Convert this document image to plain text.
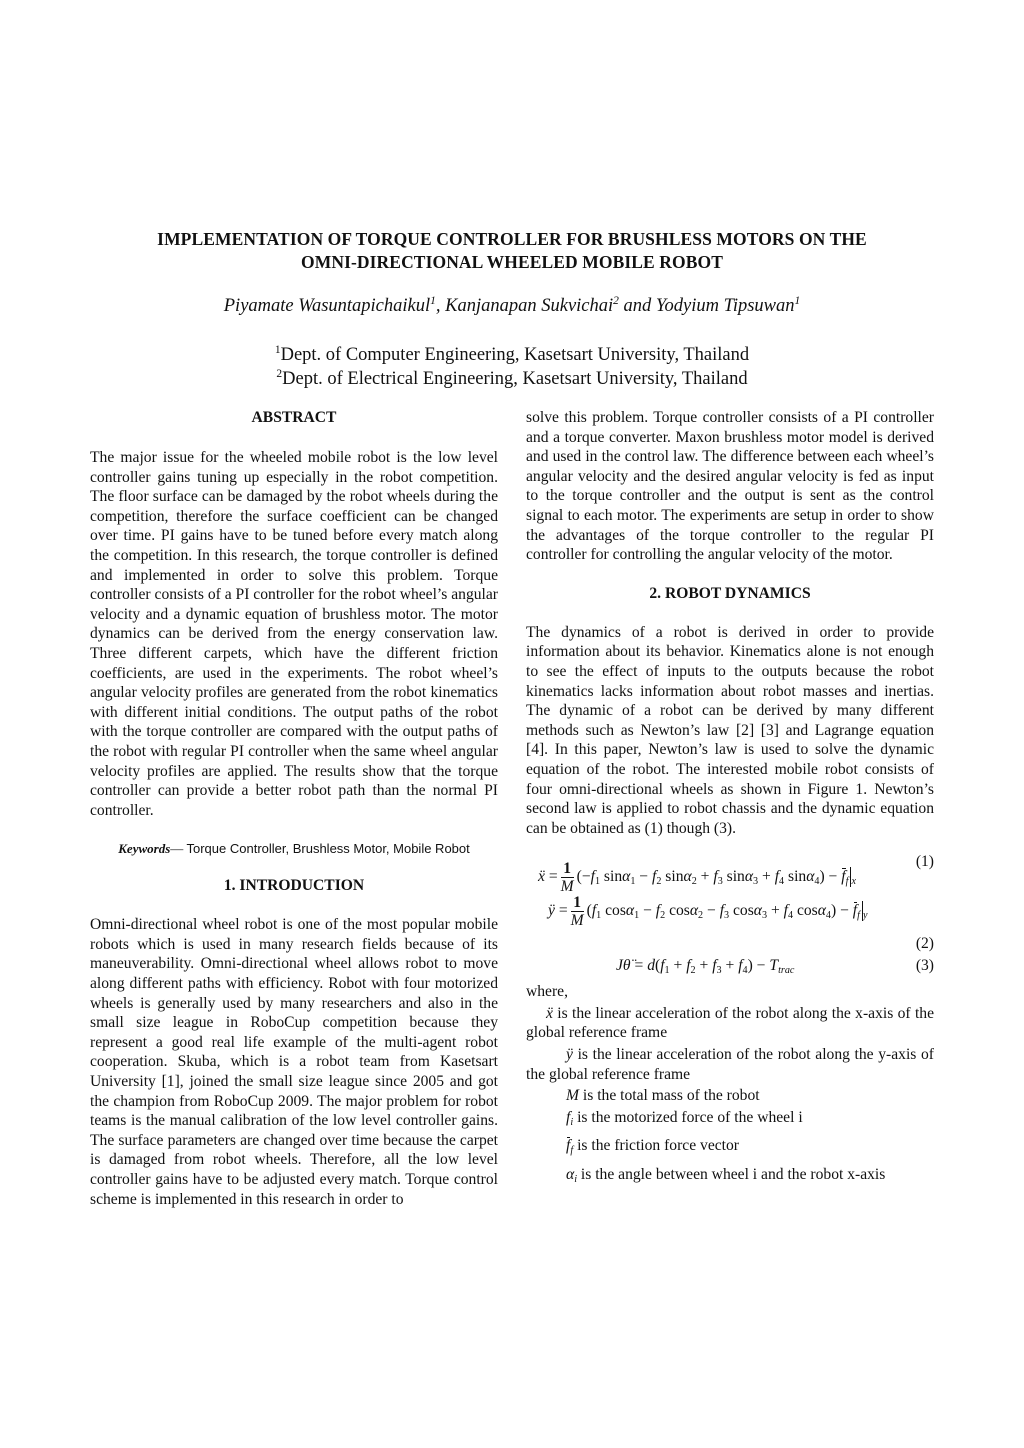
IMPLEMENTATION OF TORQUE CONTROLLER FOR BRUSHLESS MOTORS ON THE
OMNI-DIRECTIONAL WHEELED MOBILE ROBOT
Piyamate Wasuntapichaikul$^1$, Kanjanapan Sukvichai$^2$ and Yodyium Tipsuwan$^1$
$^1$Dept. of Computer Engineering, Kasetsart University, Thailand
$^2$Dept. of Electrical Engineering, Kasetsart University, Thailand
ABSTRACT

The major issue for the wheeled mobile robot is the low level controller gains tuning up especially in the robot competition. The floor surface can be damaged by the robot wheels during the competition, therefore the surface coefficient can be changed over time. PI gains have to be tuned before every match along the competition. In this research, the torque controller is defined and implemented in order to solve this problem. Torque controller consists of a PI controller for the robot wheel’s angular velocity and a dynamic equation of brushless motor. The motor dynamics can be derived from the energy conservation law. Three different carpets, which have the different friction coefficients, are used in the experiments. The robot wheel’s angular velocity profiles are generated from the robot kinematics with different initial conditions. The output paths of the robot with the torque controller are compared with the output paths of the robot with regular PI controller when the same wheel angular velocity profiles are applied. The results show that the torque controller can provide a better robot path than the normal PI controller.

Keywords— Torque Controller, Brushless Motor, Mobile Robot
1. INTRODUCTION

Omni-directional wheel robot is one of the most popular mobile robots which is used in many research fields because of its maneuverability. Omni-directional wheel allows robot to move along different paths with efficiency. Robot with four motorized wheels is generally used by many researchers and also in the small size league in RoboCup competition because they represent a good real life example of the multi-agent robot cooperation. Skuba, which is a robot team from Kasetsart University [1], joined the small size league since 2005 and got the champion from RoboCup 2009. The major problem for robot teams is the manual calibration of the low level controller gains. The surface parameters are changed over time because the carpet is damaged from robot wheels. Therefore, all the low level controller gains have to be adjusted every match. Torque control scheme is implemented in this research in order to

solve this problem. Torque controller consists of a PI controller and a torque converter. Maxon brushless motor model is derived and used in the control law. The difference between each wheel’s angular velocity and the desired angular velocity is fed as input to the torque controller and the output is sent as the control signal to each motor. The experiments are setup in order to show the advantages of the torque controller to the regular PI controller for controlling the angular velocity of the motor.

2. ROBOT DYNAMICS

The dynamics of a robot is derived in order to provide information about its behavior. Kinematics alone is not enough to see the effect of inputs to the outputs because the robot kinematics lacks information about robot masses and inertias. The dynamic of a robot can be derived by many different methods such as Newton’s law [2] [3] and Lagrange equation [4]. In this paper, Newton’s law is used to solve the dynamic equation of the robot. The interested mobile robot consists of four omni-directional wheels as shown in Figure 1. Newton’s second law is applied to robot chassis and the dynamic equation can be obtained as (1) though (3).

ẍ = $\frac{1}{M} (-f1$ sinα1 − f2 sinα2 + f3 sinα3 + f4 sinα4) − ff x
(1)
ÿ = $\frac{1}{M} (f1$ cosα1 − f2 cosα2 − f3 cosα3 + f4 cosα4) − ff y
(2)
Jθ̈ = d(f1 + f2 + f3 + f4) − Ttrac	(3)
where,
ẍ is the linear acceleration of the robot along the x-axis of the global reference frame
ÿ is the linear acceleration of the robot along the y-axis of the global reference frame
M is the total mass of the robot
fi is the motorized force of the wheel i
ff is the friction force vector
αi is the angle between wheel i and the robot x-axis
